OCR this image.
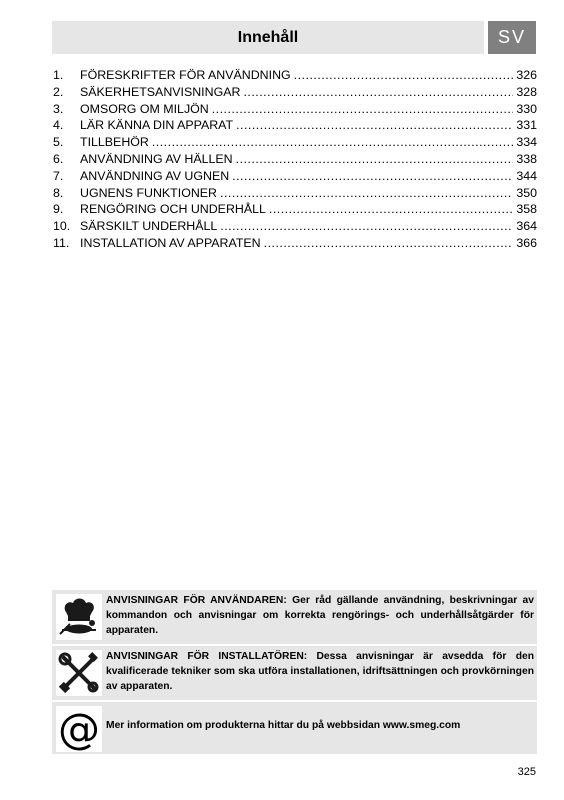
Innehåll	SV
1.	FÖRESKRIFTER FÖR ANVÄNDNING .....	326
2.	SÄKERHETSANVISNINGAR .....	328
3.	OMSORG OM MILJÖN .....	330
4.	LÄR KÄNNA DIN APPARAT .....	331
5.	TILLBEHÖR .....	334
6.	ANVÄNDNING AV HÄLLEN .....	338
7.	ANVÄNDNING AV UGNEN .....	344
8.	UGNENS FUNKTIONER .....	350
9.	RENGÖRING OCH UNDERHÅLL .....	358
10. SÄRSKILT UNDERHÅLL .....	364
11. INSTALLATION AV APPARATEN .....	366
ANVISNINGAR FÖR ANVÄNDAREN: Ger råd gällande användning, beskrivningar av kommandon och anvisningar om korrekta rengörings- och underhållsåtgärder för apparaten.
ANVISNINGAR FÖR INSTALLATÖREN: Dessa anvisningar är avsedda för den kvalificerade tekniker som ska utföra installationen, idriftsättningen och provkörningen av apparaten.
@ Mer information om produkterna hittar du på webbsidan www.smeg.com
325
